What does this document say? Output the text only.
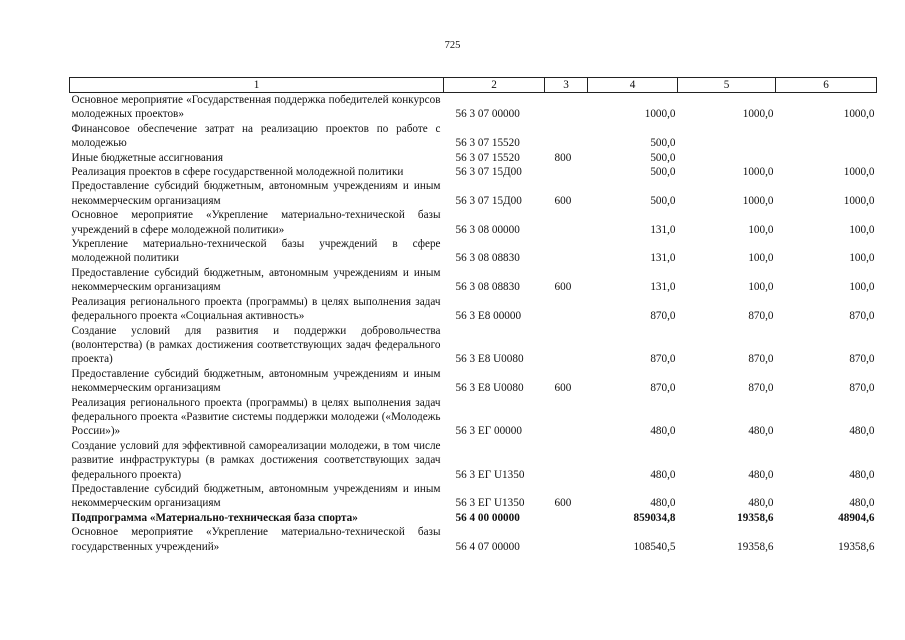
725
1	2	3	4	5	6
Основное мероприятие «Государственная поддержка победителей конкурсов молодежных проектов»	56 3 07 00000		1000,0	1000,0	1000,0
Финансовое обеспечение затрат на реализацию проектов по работе с молодежью	56 3 07 15520		500,0		
Иные бюджетные ассигнования	56 3 07 15520	800	500,0		
Реализация проектов в сфере государственной молодежной политики	56 3 07 15Д00		500,0	1000,0	1000,0
Предоставление субсидий бюджетным, автономным учреждениям и иным некоммерческим организациям	56 3 07 15Д00	600	500,0	1000,0	1000,0
Основное мероприятие «Укрепление материально-технической базы учреждений в сфере молодежной политики»	56 3 08 00000		131,0	100,0	100,0
Укрепление материально-технической базы учреждений в сфере молодежной политики	56 3 08 08830		131,0	100,0	100,0
Предоставление субсидий бюджетным, автономным учреждениям и иным некоммерческим организациям	56 3 08 08830	600	131,0	100,0	100,0
Реализация регионального проекта (программы) в целях выполнения задач федерального проекта «Социальная активность»	56 3 E8 00000		870,0	870,0	870,0
Создание условий для развития и поддержки добровольчества (волонтерства) (в рамках достижения соответствующих задач федерального проекта)	56 3 E8 U0080		870,0	870,0	870,0
Предоставление субсидий бюджетным, автономным учреждениям и иным некоммерческим организациям	56 3 E8 U0080	600	870,0	870,0	870,0
Реализация регионального проекта (программы) в целях выполнения задач федерального проекта «Развитие системы поддержки молодежи («Молодежь России»)»	56 3 ЕГ 00000		480,0	480,0	480,0
Создание условий для эффективной самореализации молодежи, в том числе развитие инфраструктуры (в рамках достижения соответствующих задач федерального проекта)	56 3 ЕГ U1350		480,0	480,0	480,0
Предоставление субсидий бюджетным, автономным учреждениям и иным некоммерческим организациям	56 3 ЕГ U1350	600	480,0	480,0	480,0
Подпрограмма «Материально-техническая база спорта»	56 4 00 00000		859034,8	19358,6	48904,6
Основное мероприятие «Укрепление материально-технической базы государственных учреждений»	56 4 07 00000		108540,5	19358,6	19358,6
